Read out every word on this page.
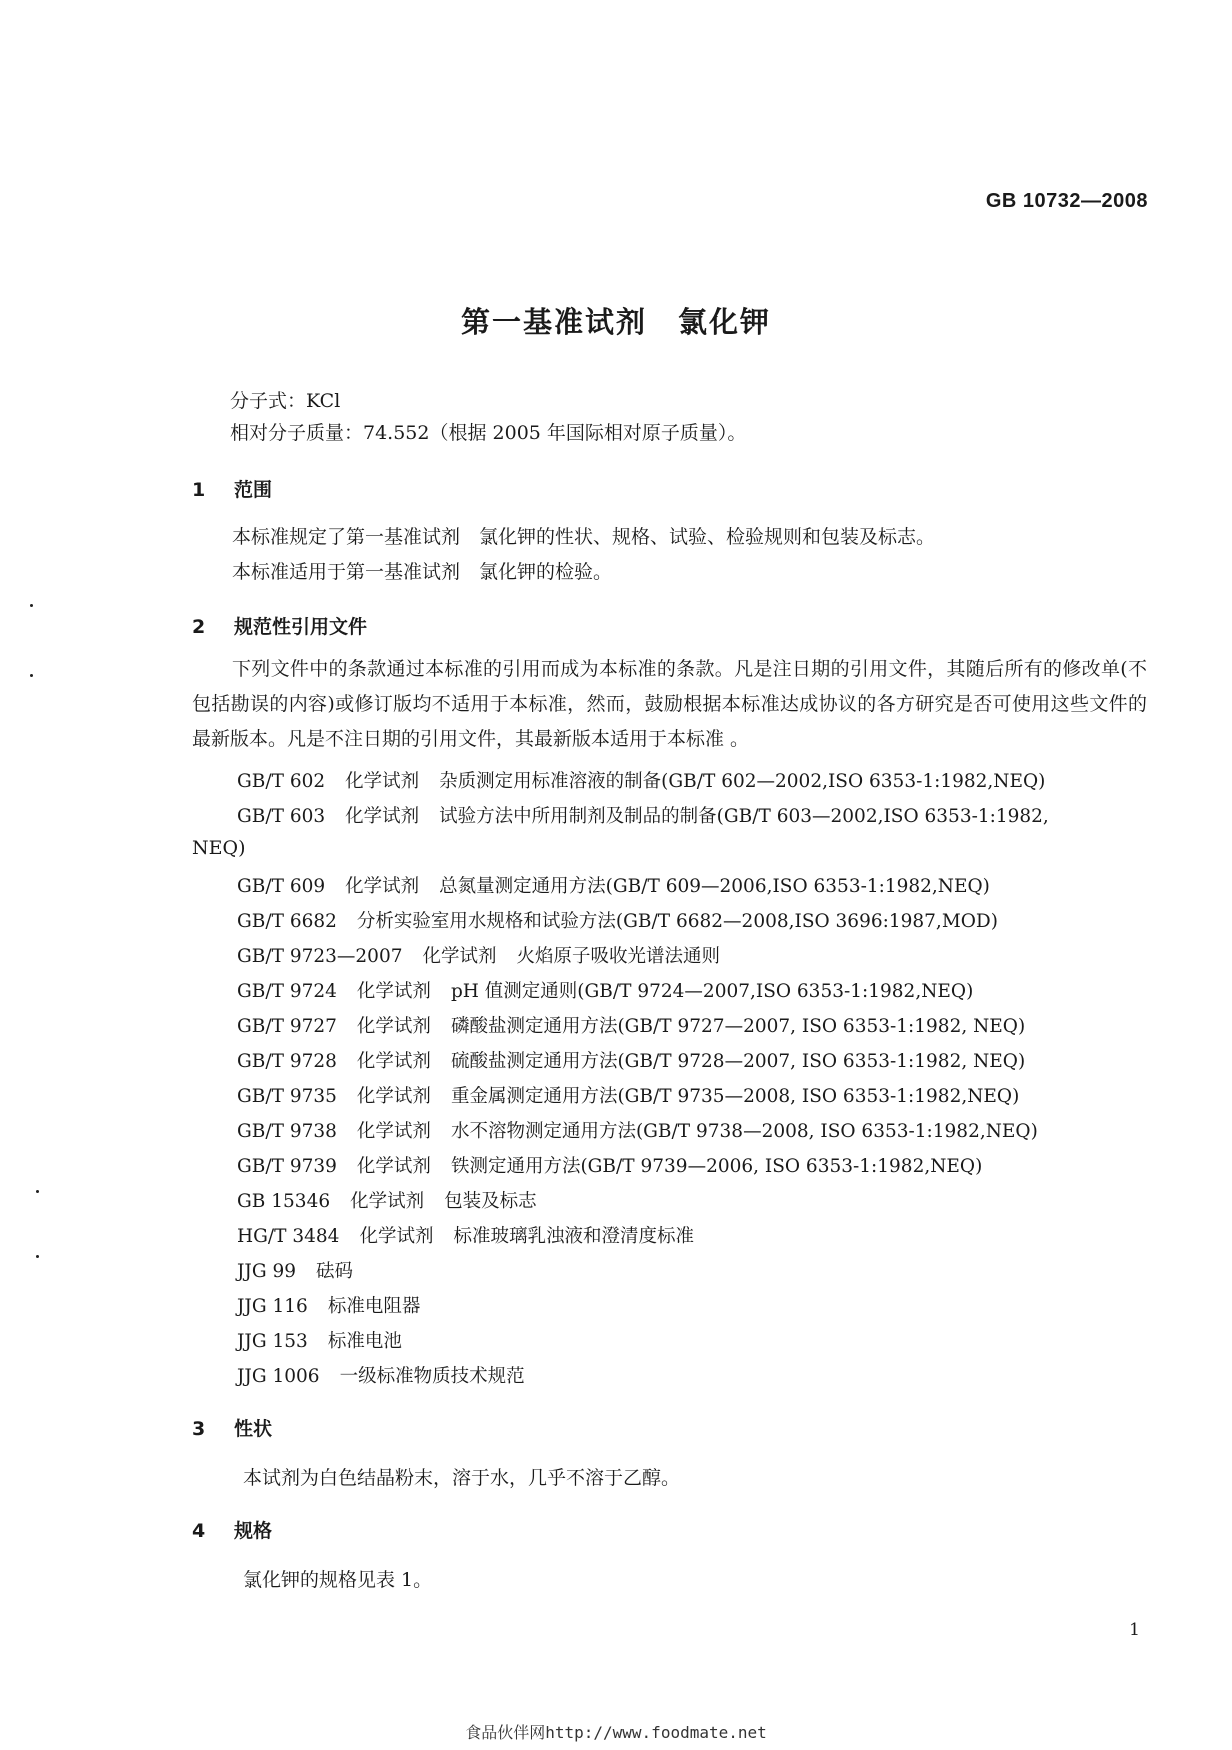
GB 10732—2008
第一基准试剂　氯化钾
分子式：KCl
相对分子质量：74.552（根据 2005 年国际相对原子质量）。
1 范围
本标准规定了第一基准试剂　氯化钾的性状、规格、试验、检验规则和包装及标志。
本标准适用于第一基准试剂　氯化钾的检验。
2 规范性引用文件
下列文件中的条款通过本标准的引用而成为本标准的条款。凡是注日期的引用文件，其随后所有的修改单(不包括勘误的内容)或修订版均不适用于本标准，然而，鼓励根据本标准达成协议的各方研究是否可使用这些文件的最新版本。凡是不注日期的引用文件，其最新版本适用于本标准 。
GB/T 602 化学试剂 杂质测定用标准溶液的制备(GB/T 602—2002,ISO 6353-1:1982,NEQ)
GB/T 603 化学试剂 试验方法中所用制剂及制品的制备(GB/T 603—2002,ISO 6353-1:1982,
NEQ)
GB/T 609 化学试剂 总氮量测定通用方法(GB/T 609—2006,ISO 6353-1:1982,NEQ)
GB/T 6682 分析实验室用水规格和试验方法(GB/T 6682—2008,ISO 3696:1987,MOD)
GB/T 9723—2007 化学试剂 火焰原子吸收光谱法通则
GB/T 9724 化学试剂 pH 值测定通则(GB/T 9724—2007,ISO 6353-1:1982,NEQ)
GB/T 9727 化学试剂 磷酸盐测定通用方法(GB/T 9727—2007, ISO 6353-1:1982, NEQ)
GB/T 9728 化学试剂 硫酸盐测定通用方法(GB/T 9728—2007, ISO 6353-1:1982, NEQ)
GB/T 9735 化学试剂 重金属测定通用方法(GB/T 9735—2008, ISO 6353-1:1982,NEQ)
GB/T 9738 化学试剂 水不溶物测定通用方法(GB/T 9738—2008, ISO 6353-1:1982,NEQ)
GB/T 9739 化学试剂 铁测定通用方法(GB/T 9739—2006, ISO 6353-1:1982,NEQ)
GB 15346 化学试剂 包装及标志
HG/T 3484 化学试剂 标准玻璃乳浊液和澄清度标准
JJG 99 砝码
JJG 116 标准电阻器
JJG 153 标准电池
JJG 1006 一级标准物质技术规范
3 性状
本试剂为白色结晶粉末，溶于水，几乎不溶于乙醇。
4 规格
氯化钾的规格见表 1。
1
食品伙伴网http://www.foodmate.net
